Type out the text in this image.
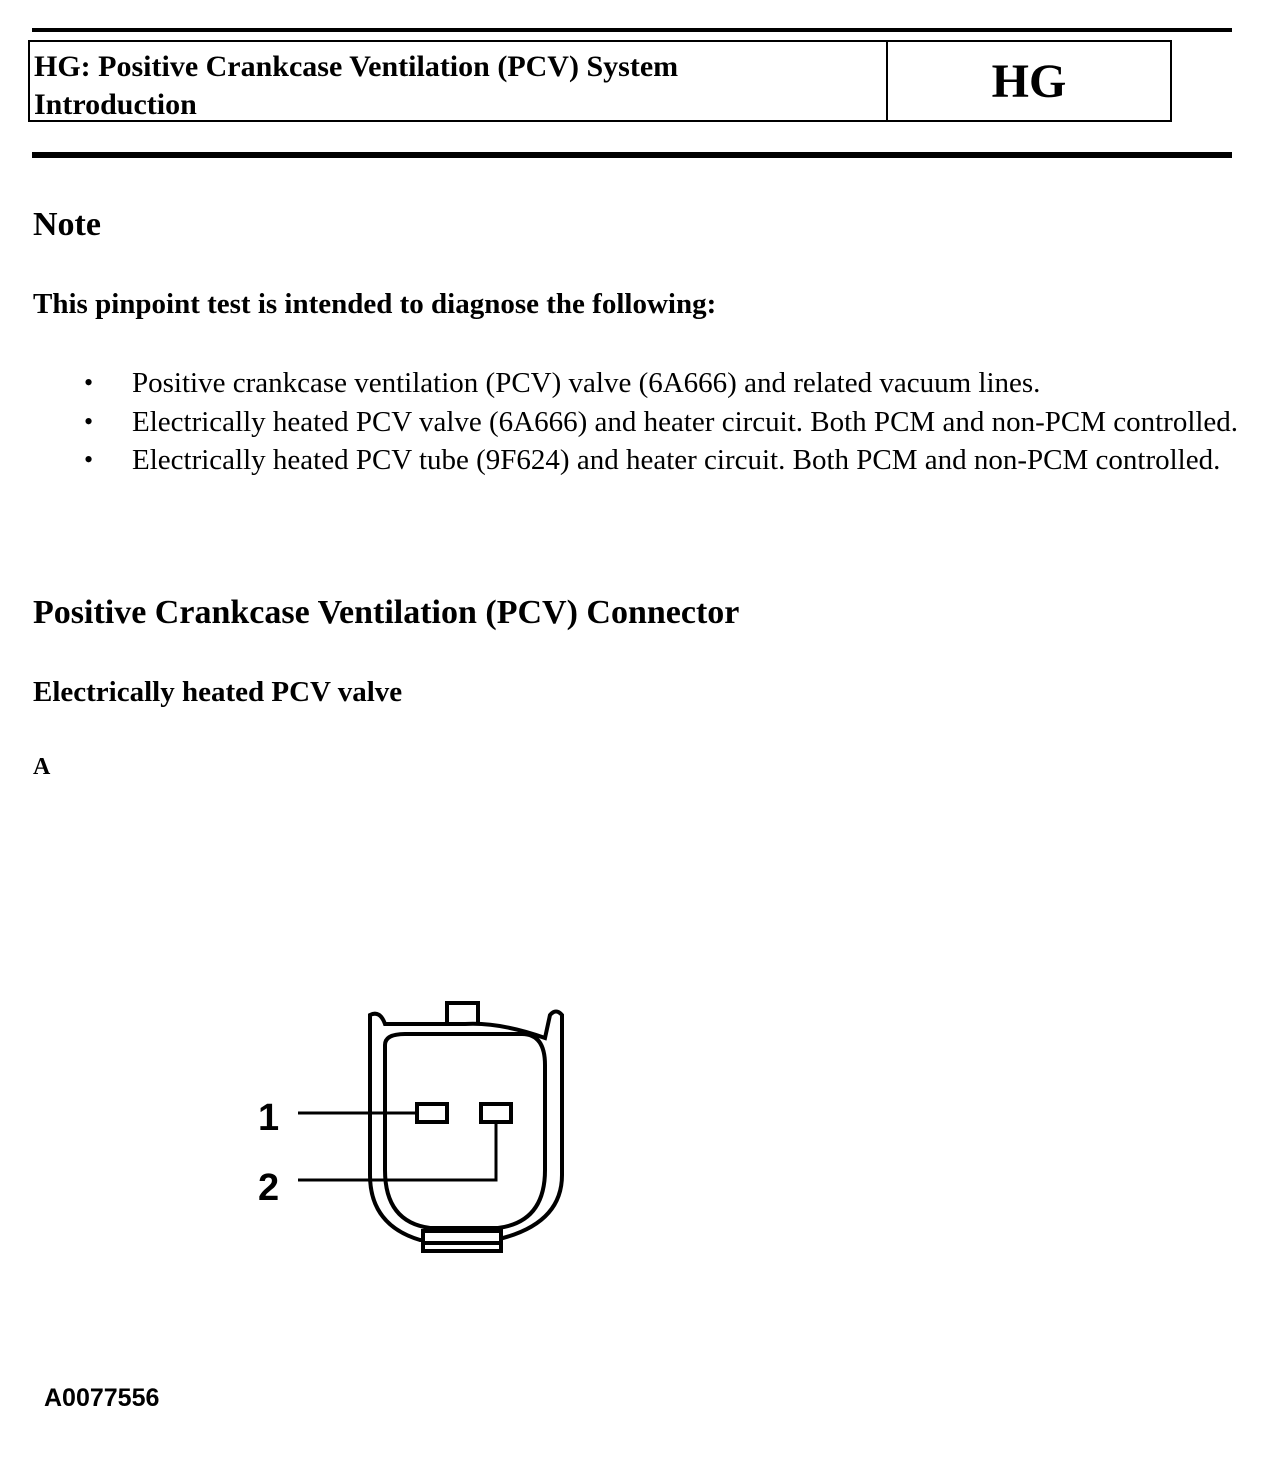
HG: Positive Crankcase Ventilation (PCV) System
Introduction	HG
Note
This pinpoint test is intended to diagnose the following:
• Positive crankcase ventilation (PCV) valve (6A666) and related vacuum lines.
• Electrically heated PCV valve (6A666) and heater circuit. Both PCM and non-PCM controlled.
• Electrically heated PCV tube (9F624) and heater circuit. Both PCM and non-PCM controlled.
Positive Crankcase Ventilation (PCV) Connector
Electrically heated PCV valve
A
1
2
A0077556
